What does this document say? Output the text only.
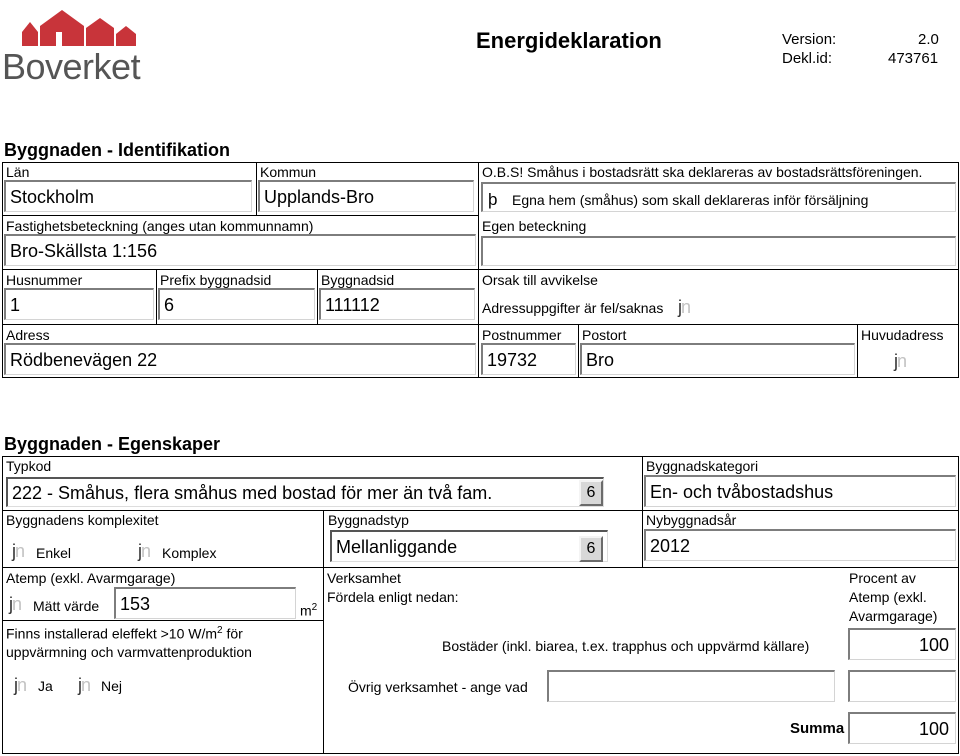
Boverket
Energideklaration	Version:	2.0
Dekl.id:	473761
Byggnaden - Identifikation
Län
Stockholm
Kommun
Upplands-Bro
O.B.S! Småhus i bostadsrätt ska deklareras av bostadsrättsföreningen.
þ Egna hem (småhus) som skall deklareras inför försäljning
Fastighetsbeteckning (anges utan kommunnamn)
Bro-Skällsta 1:156
Egen beteckning
Husnummer
1
Prefix byggnadsid
6
Byggnadsid
111112
Orsak till avvikelse
Adressuppgifter är fel/saknas jn
Adress
Rödbenevägen 22
Postnummer
19732
Postort
Bro
Huvudadress
jn
Byggnaden - Egenskaper
Typkod
222 - Småhus, flera småhus med bostad för mer än två fam.	6
Byggnadskategori
En- och tvåbostadshus
Byggnadens komplexitet
jn Enkel	jn Komplex
Byggnadstyp
Mellanliggande	6
Nybyggnadsår
2012
Atemp (exkl. Avarmgarage)
jn Mätt värde	153	$m^2$
Finns installerad eleffekt >10 $W/m^2$ för
uppvärmning och varmvattenproduktion
jn Ja jn Nej
Verksamhet
Fördela enligt nedan:
Procent av
Atemp (exkl.
Avarmgarage)
Bostäder (inkl. biarea, t.ex. trapphus och uppvärmd källare)	100
Övrig verksamhet - ange vad
Summa	100
